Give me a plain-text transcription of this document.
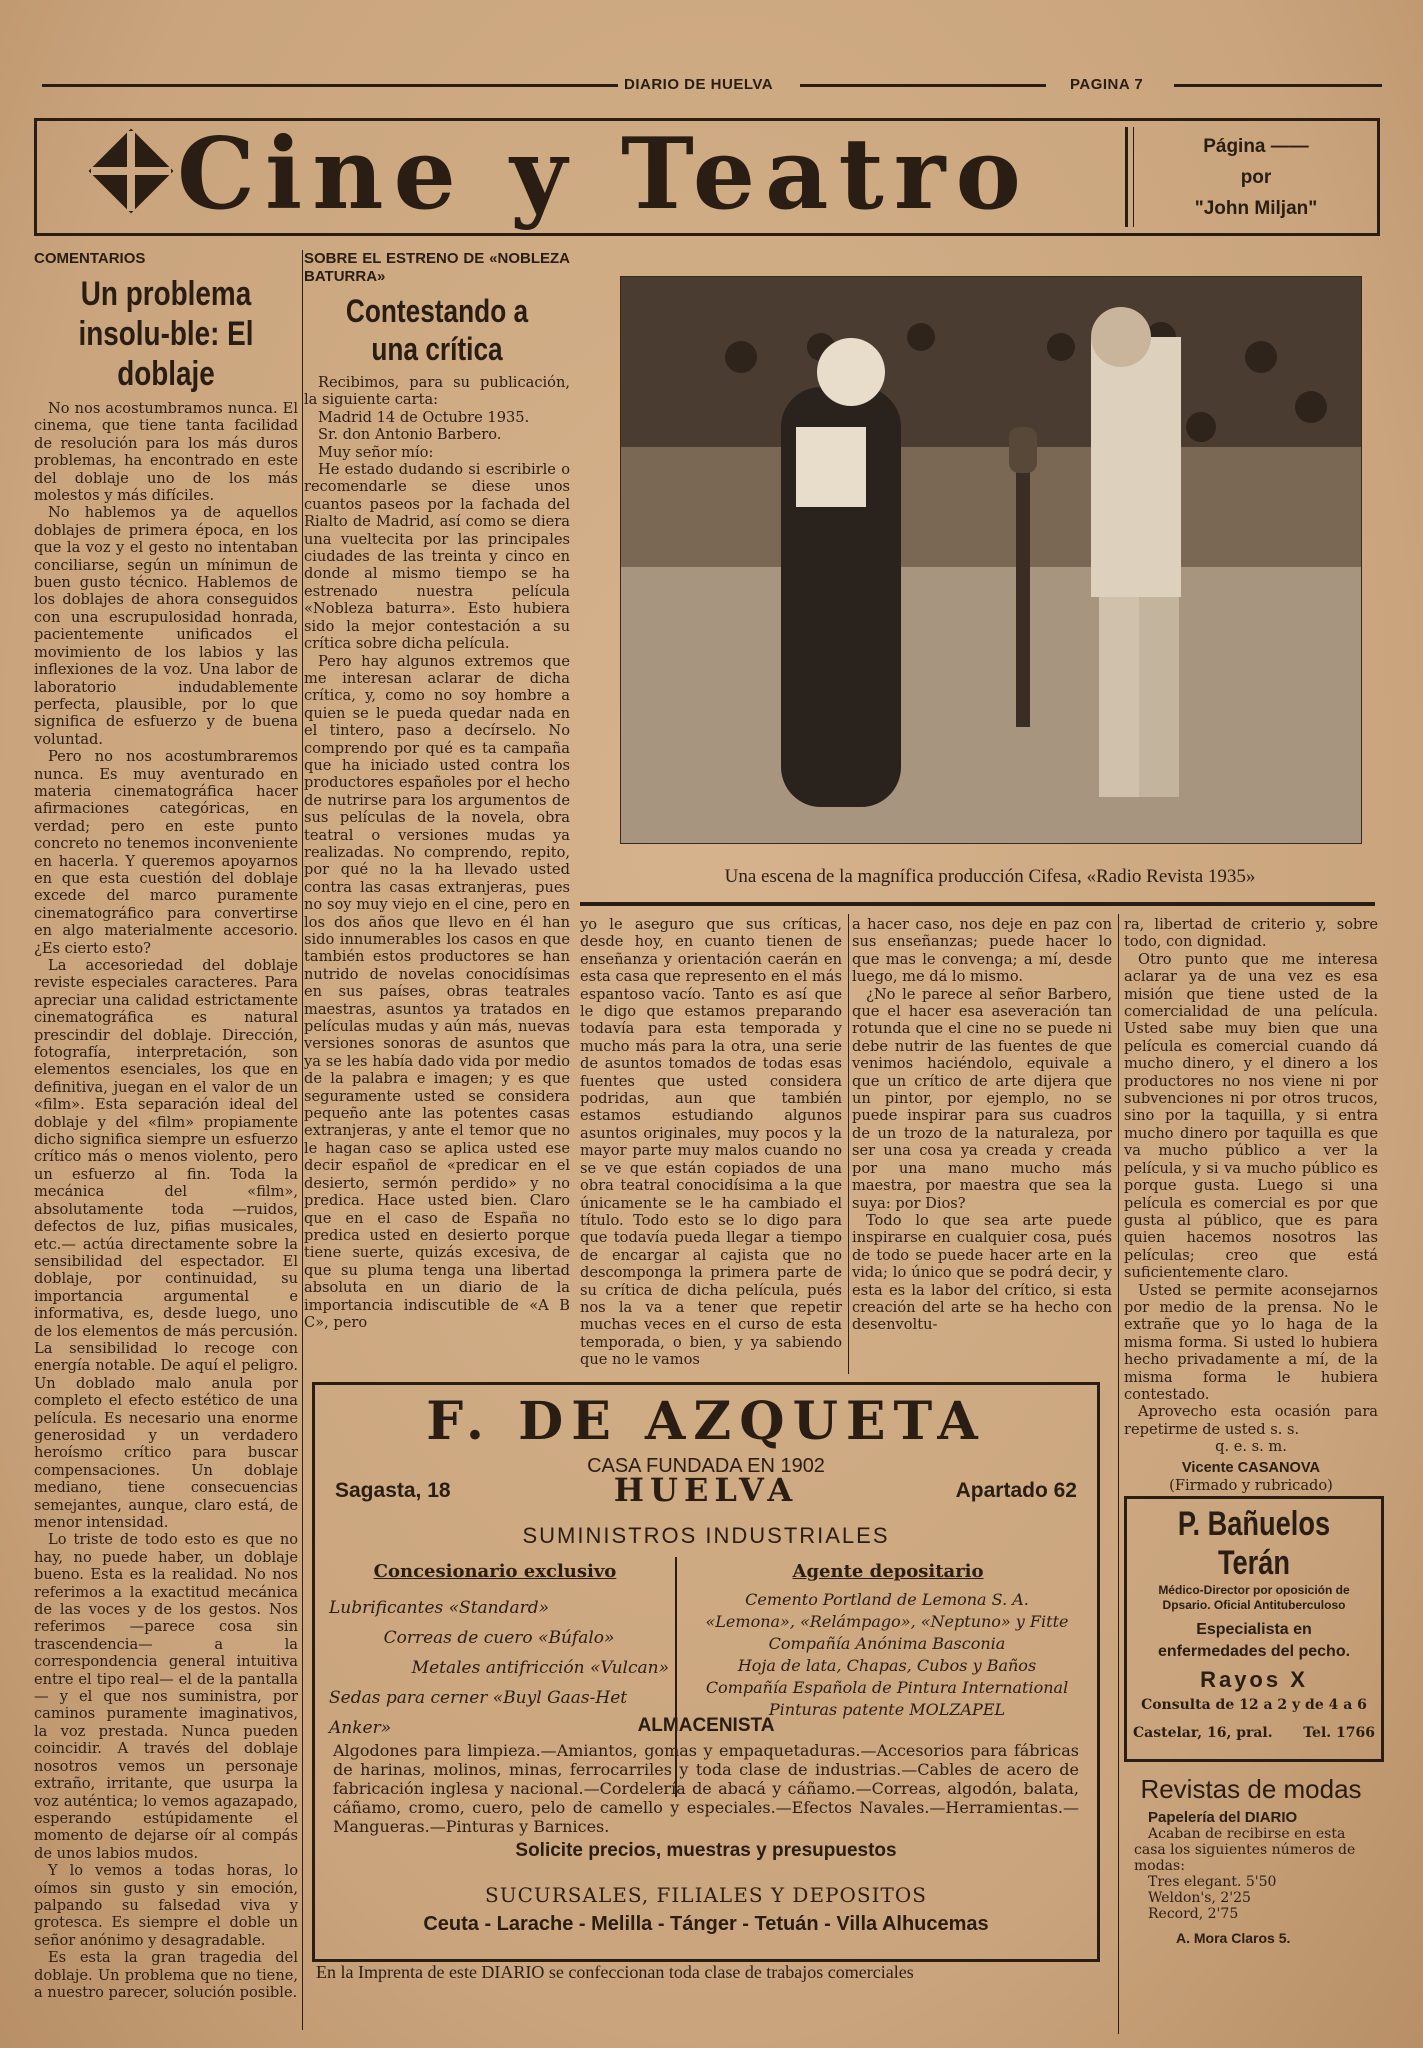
DIARIO DE HUELVA	PAGINA 7
Cine y Teatro	Página ——
por
"John Miljan"
COMENTARIOS
Un problema insolu-ble: El doblaje

No nos acostumbramos nunca. El cinema, que tiene tanta facilidad de resolución para los más duros problemas, ha encontrado en este del doblaje uno de los más molestos y más difíciles.

No hablemos ya de aquellos doblajes de primera época, en los que la voz y el gesto no intentaban conciliarse, según un mínimun de buen gusto técnico. Hablemos de los doblajes de ahora conseguidos con una escrupulosidad honrada, pacientemente unificados el movimiento de los labios y las inflexiones de la voz. Una labor de laboratorio indudablemente perfecta, plausible, por lo que significa de esfuerzo y de buena voluntad.

Pero no nos acostumbraremos nunca. Es muy aventurado en materia cinematográfica hacer afirmaciones categóricas, en verdad; pero en este punto concreto no tenemos inconveniente en hacerla. Y queremos apoyarnos en que esta cuestión del doblaje excede del marco puramente cinematográfico para convertirse en algo materialmente accesorio. ¿Es cierto esto?

La accesoriedad del doblaje reviste especiales caracteres. Para apreciar una calidad estrictamente cinematográfica es natural prescindir del doblaje. Dirección, fotografía, interpretación, son elementos esenciales, los que en definitiva, juegan en el valor de un «film». Esta separación ideal del doblaje y del «film» propiamente dicho significa siempre un esfuerzo crítico más o menos violento, pero un esfuerzo al fin. Toda la mecánica del «film», absolutamente toda —ruidos, defectos de luz, pifias musicales, etc.— actúa directamente sobre la sensibilidad del espectador. El doblaje, por continuidad, su importancia argumental e informativa, es, desde luego, uno de los elementos de más percusión. La sensibilidad lo recoge con energía notable. De aquí el peligro. Un doblado malo anula por completo el efecto estético de una película. Es necesario una enorme generosidad y un verdadero heroísmo crítico para buscar compensaciones. Un doblaje mediano, tiene consecuencias semejantes, aunque, claro está, de menor intensidad.

Lo triste de todo esto es que no hay, no puede haber, un doblaje bueno. Esta es la realidad. No nos referimos a la exactitud mecánica de las voces y de los gestos. Nos referimos —parece cosa sin trascendencia— a la correspondencia general intuitiva entre el tipo real— el de la pantalla— y el que nos suministra, por caminos puramente imaginativos, la voz prestada. Nunca pueden coincidir. A través del doblaje nosotros vemos un personaje extraño, irritante, que usurpa la voz auténtica; lo vemos agazapado, esperando estúpidamente el momento de dejarse oír al compás de unos labios mudos.

Y lo vemos a todas horas, lo oímos sin gusto y sin emoción, palpando su falsedad viva y grotesca. Es siempre el doble un señor anónimo y desagradable.

Es esta la gran tragedia del doblaje. Un problema que no tiene, a nuestro parecer, solución posible.

SOBRE EL ESTRENO DE «NOBLEZA BATURRA»
Contestando a una crítica

Recibimos, para su publicación, la siguiente carta:

Madrid 14 de Octubre 1935.

Sr. don Antonio Barbero.

Muy señor mío:

He estado dudando si escribirle o recomendarle se diese unos cuantos paseos por la fachada del Rialto de Madrid, así como se diera una vueltecita por las principales ciudades de las treinta y cinco en donde al mismo tiempo se ha estrenado nuestra película «Nobleza baturra». Esto hubiera sido la mejor contestación a su crítica sobre dicha película.

Pero hay algunos extremos que me interesan aclarar de dicha crítica, y, como no soy hombre a quien se le pueda quedar nada en el tintero, paso a decírselo. No comprendo por qué es ta campaña que ha iniciado usted contra los productores españoles por el hecho de nutrirse para los argumentos de sus películas de la novela, obra teatral o versiones mudas ya realizadas. No comprendo, repito, por qué no la ha llevado usted contra las casas extranjeras, pues no soy muy viejo en el cine, pero en los dos años que llevo en él han sido innumerables los casos en que también estos productores se han nutrido de novelas conocidísimas en sus países, obras teatrales maestras, asuntos ya tratados en películas mudas y aún más, nuevas versiones sonoras de asuntos que ya se les había dado vida por medio de la palabra e imagen; y es que seguramente usted se considera pequeño ante las potentes casas extranjeras, y ante el temor que no le hagan caso se aplica usted ese decir español de «predicar en el desierto, sermón perdido» y no predica. Hace usted bien. Claro que en el caso de España no predica usted en desierto porque tiene suerte, quizás excesiva, de que su pluma tenga una libertad absoluta en un diario de la importancia indiscutible de «A B C», pero

Una escena de la magnífica producción Cifesa, «Radio Revista 1935»

yo le aseguro que sus críticas, desde hoy, en cuanto tienen de enseñanza y orientación caerán en esta casa que represento en el más espantoso vacío. Tanto es así que le digo que estamos preparando todavía para esta temporada y mucho más para la otra, una serie de asuntos tomados de todas esas fuentes que usted considera podridas, aun que también estamos estudiando algunos asuntos originales, muy pocos y la mayor parte muy malos cuando no se ve que están copiados de una obra teatral conocidísima a la que únicamente se le ha cambiado el título. Todo esto se lo digo para que todavía pueda llegar a tiempo de encargar al cajista que no descomponga la primera parte de su crítica de dicha película, pués nos la va a tener que repetir muchas veces en el curso de esta temporada, o bien, y ya sabiendo que no le vamos

a hacer caso, nos deje en paz con sus enseñanzas; puede hacer lo que mas le convenga; a mí, desde luego, me dá lo mismo.

¿No le parece al señor Barbero, que el hacer esa aseveración tan rotunda que el cine no se puede ni debe nutrir de las fuentes de que venimos haciéndolo, equivale a que un crítico de arte dijera que un pintor, por ejemplo, no se puede inspirar para sus cuadros de un trozo de la naturaleza, por ser una cosa ya creada y creada por una mano mucho más maestra, por maestra que sea la suya: por Dios?

Todo lo que sea arte puede inspirarse en cualquier cosa, pués de todo se puede hacer arte en la vida; lo único que se podrá decir, y esta es la labor del crítico, si esta creación del arte se ha hecho con desenvoltu-

ra, libertad de criterio y, sobre todo, con dignidad.

Otro punto que me interesa aclarar ya de una vez es esa misión que tiene usted de la comercialidad de una película. Usted sabe muy bien que una película es comercial cuando dá mucho dinero, y el dinero a los productores no nos viene ni por subvenciones ni por otros trucos, sino por la taquilla, y si entra mucho dinero por taquilla es que va mucho público a ver la película, y si va mucho público es porque gusta. Luego si una película es comercial es por que gusta al público, que es para quien hacemos nosotros las películas; creo que está suficientemente claro.

Usted se permite aconsejarnos por medio de la prensa. No le extrañe que yo lo haga de la misma forma. Si usted lo hubiera hecho privadamente a mí, de la misma forma le hubiera contestado.

Aprovecho esta ocasión para repetirme de usted s. s.

q. e. s. m.

Vicente CASANOVA
(Firmado y rubricado)
F. DE AZQUETA
CASA FUNDADA EN 1902
Sagasta, 18	HUELVA	Apartado 62
SUMINISTROS INDUSTRIALES
Concesionario exclusivo
Lubrificantes «Standard»
Correas de cuero «Búfalo»
Metales antifricción «Vulcan»
Sedas para cerner «Buyl Gaas-Het Anker»
Agente depositario
Cemento Portland de Lemona S. A.
«Lemona», «Relámpago», «Neptuno» y Fitte
Compañía Anónima Basconia
Hoja de lata, Chapas, Cubos y Baños
Compañía Española de Pintura International
Pinturas patente MOLZAPEL
ALMACENISTA
Algodones para limpieza.—Amiantos, gomas y empaquetaduras.—Accesorios para fábricas de harinas, molinos, minas, ferrocarriles y toda clase de industrias.—Cables de acero de fabricación inglesa y nacional.—Cordelería de abacá y cáñamo.—Correas, algodón, balata, cáñamo, cromo, cuero, pelo de camello y especiales.—Efectos Navales.—Herramientas.—Mangueras.—Pinturas y Barnices.
Solicite precios, muestras y presupuestos
SUCURSALES, FILIALES Y DEPOSITOS
Ceuta - Larache - Melilla - Tánger - Tetuán - Villa Alhucemas
En la Imprenta de este DIARIO se confeccionan toda clase de trabajos comerciales
P. Bañuelos Terán
Médico-Director por oposición de Dpsario. Oficial Antituberculoso
Especialista en enfermedades del pecho.
Rayos X
Consulta de 12 a 2 y de 4 a 6
Castelar, 16, pral. Tel. 1766
Revistas de modas
Papelería del DIARIO
Acaban de recibirse en esta casa los siguientes números de modas:
Tres elegant. 5'50
Weldon's, 2'25
Record, 2'75
A. Mora Claros 5.
